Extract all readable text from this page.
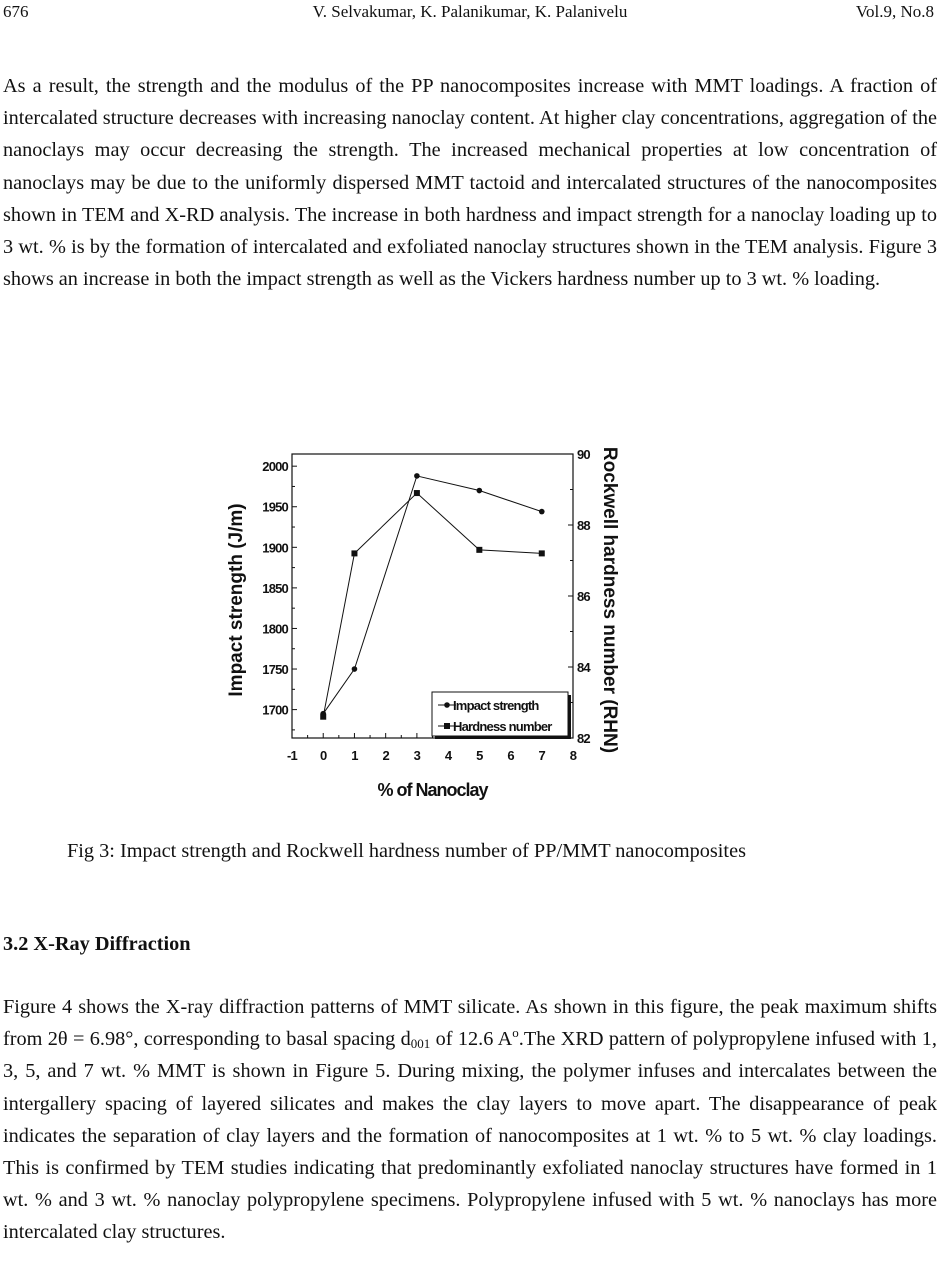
V. Selvakumar, K. Palanikumar, K. Palanivelu
676	Vol.9, No.8
As a result, the strength and the modulus of the PP nanocomposites increase with MMT loadings. A fraction of intercalated structure decreases with increasing nanoclay content. At higher clay concentrations, aggregation of the nanoclays may occur decreasing the strength. The increased mechanical properties at low concentration of nanoclays may be due to the uniformly dispersed MMT tactoid and intercalated structures of the nanocomposites shown in TEM and X-RD analysis. The increase in both hardness and impact strength for a nanoclay loading up to 3 wt. % is by the formation of intercalated and exfoliated nanoclay structures shown in the TEM analysis. Figure 3 shows an increase in both the impact strength as well as the Vickers hardness number up to 3 wt. % loading.
-1 0 1 2 3 4 5 6 7 8
1700
1750
1800
1850
1900
1950
2000
82
84
86
88
90
% of Nanoclay
Impact strength (J/m)	Rockwell hardness number (RHN)
Impact strength
Hardness number
Fig 3: Impact strength and Rockwell hardness number of PP/MMT nanocomposites
3.2 X-Ray Diffraction
Figure 4 shows the X-ray diffraction patterns of MMT silicate. As shown in this figure, the peak maximum shifts from 2θ = 6.98°, corresponding to basal spacing $d_{001}$ of 12.6 $A^o.The$ XRD pattern of polypropylene infused with 1, 3, 5, and 7 wt. % MMT is shown in Figure 5. During mixing, the polymer infuses and intercalates between the intergallery spacing of layered silicates and makes the clay layers to move apart. The disappearance of peak indicates the separation of clay layers and the formation of nanocomposites at 1 wt. % to 5 wt. % clay loadings. This is confirmed by TEM studies indicating that predominantly exfoliated nanoclay structures have formed in 1 wt. % and 3 wt. % nanoclay polypropylene specimens. Polypropylene infused with 5 wt. % nanoclays has more intercalated clay structures.
